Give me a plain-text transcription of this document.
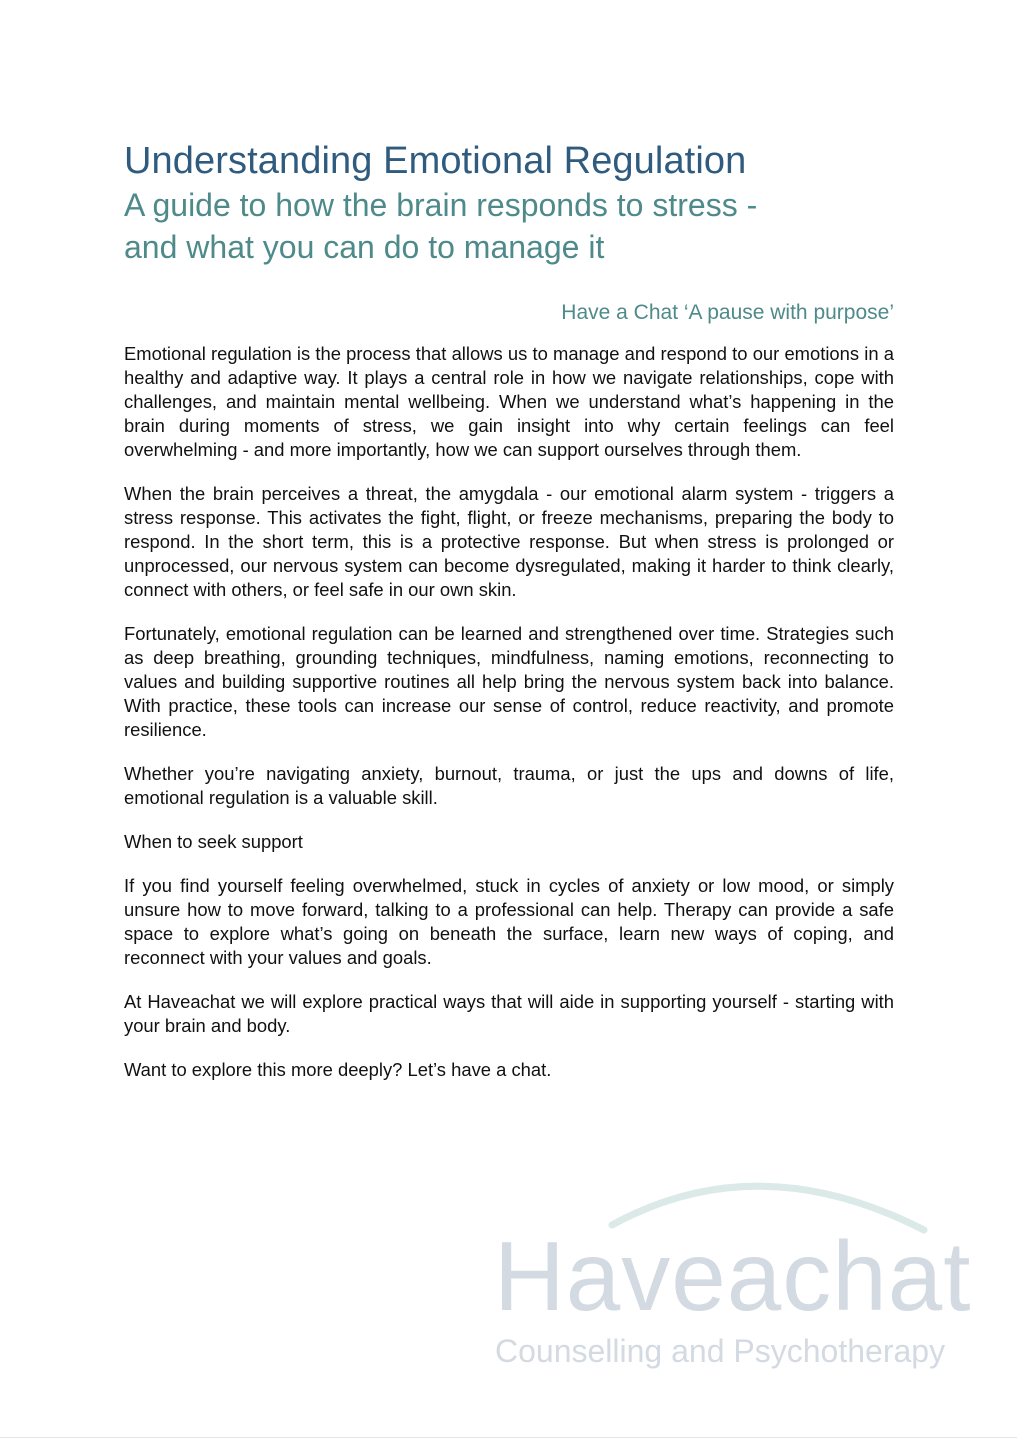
Understanding Emotional Regulation
A guide to how the brain responds to stress -
and what you can do to manage it
Have a Chat ‘A pause with purpose’

Emotional regulation is the process that allows us to manage and respond to our emotions in a healthy and adaptive way. It plays a central role in how we navigate relationships, cope with challenges, and maintain mental wellbeing. When we understand what’s happening in the brain during moments of stress, we gain insight into why certain feelings can feel overwhelming - and more importantly, how we can support ourselves through them.

When the brain perceives a threat, the amygdala - our emotional alarm system - triggers a stress response. This activates the fight, flight, or freeze mechanisms, preparing the body to respond. In the short term, this is a protective response. But when stress is prolonged or unprocessed, our nervous system can become dysregulated, making it harder to think clearly, connect with others, or feel safe in our own skin.

Fortunately, emotional regulation can be learned and strengthened over time. Strategies such as deep breathing, grounding techniques, mindfulness, naming emotions, reconnecting to values and building supportive routines all help bring the nervous system back into balance. With practice, these tools can increase our sense of control, reduce reactivity, and promote resilience.

Whether you’re navigating anxiety, burnout, trauma, or just the ups and downs of life, emotional regulation is a valuable skill.

When to seek support

If you find yourself feeling overwhelmed, stuck in cycles of anxiety or low mood, or simply unsure how to move forward, talking to a professional can help. Therapy can provide a safe space to explore what’s going on beneath the surface, learn new ways of coping, and reconnect with your values and goals.

At Haveachat we will explore practical ways that will aide in supporting yourself - starting with your brain and body.

Want to explore this more deeply? Let’s have a chat.

Haveachat
Counselling and Psychotherapy
